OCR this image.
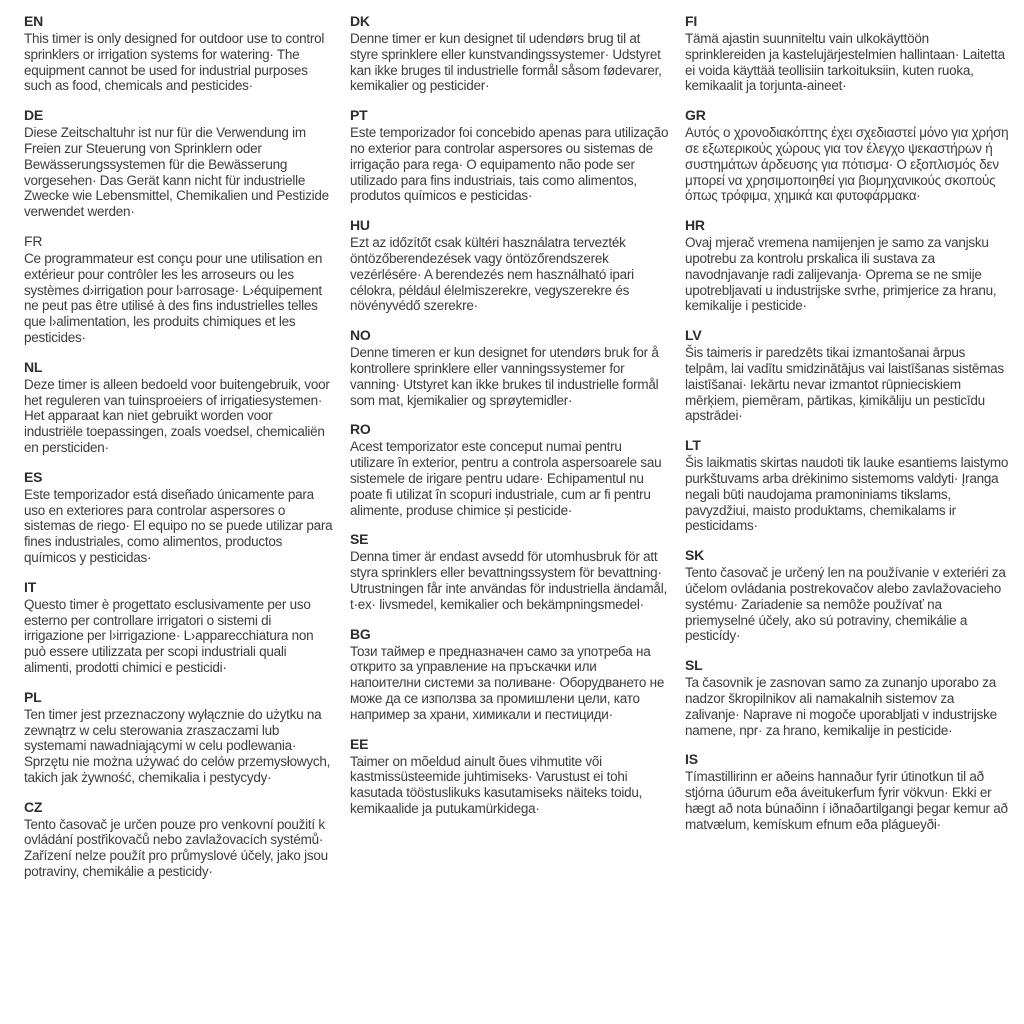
EN

This timer is only designed for outdoor use to control sprinklers or irrigation systems for watering· The equipment cannot be used for industrial purposes such as food, chemicals and pesticides·

DE

Diese Zeitschaltuhr ist nur für die Verwendung im Freien zur Steuerung von Sprinklern oder Bewässerungssystemen für die Bewässerung vorgesehen· Das Gerät kann nicht für industrielle Zwecke wie Lebensmittel, Chemikalien und Pestizide verwendet werden·

FR

Ce programmateur est conçu pour une utilisation en extérieur pour contrôler les les arroseurs ou les systèmes d›irrigation pour l›arrosage· L›équipement ne peut pas être utilisé à des fins industrielles telles que l›alimentation, les produits chimiques et les pesticides·

NL

Deze timer is alleen bedoeld voor buitengebruik, voor het reguleren van tuinsproeiers of irrigatiesystemen· Het apparaat kan niet gebruikt worden voor industriële toepassingen, zoals voedsel, chemicaliën en persticiden·

ES

Este temporizador está diseñado únicamente para uso en exteriores para controlar aspersores o sistemas de riego· El equipo no se puede utilizar para fines industriales, como alimentos, productos químicos y pesticidas·

IT

Questo timer è progettato esclusivamente per uso esterno per controllare irrigatori o sistemi di irrigazione per l›irrigazione· L›apparecchiatura non può essere utilizzata per scopi industriali quali alimenti, prodotti chimici e pesticidi·

PL

Ten timer jest przeznaczony wyłącznie do użytku na zewnątrz w celu sterowania zraszaczami lub systemami nawadniającymi w celu podlewania· Sprzętu nie można używać do celów przemysłowych, takich jak żywność, chemikalia i pestycydy·

CZ

Tento časovač je určen pouze pro venkovní použití k ovládání postřikovačů nebo zavlažovacích systémů· Zařízení nelze použít pro průmyslové účely, jako jsou potraviny, chemikálie a pesticidy·

DK

Denne timer er kun designet til udendørs brug til at styre sprinklere eller kunstvandingssystemer· Udstyret kan ikke bruges til industrielle formål såsom fødevarer, kemikalier og pesticider·

PT

Este temporizador foi concebido apenas para utilização no exterior para controlar aspersores ou sistemas de irrigação para rega· O equipamento não pode ser utilizado para fins industriais, tais como alimentos, produtos químicos e pesticidas·

HU

Ezt az időzítőt csak kültéri használatra tervezték öntözőberendezések vagy öntözőrendszerek vezérlésére· A berendezés nem használható ipari célokra, például élelmiszerekre, vegyszerekre és növényvédő szerekre·

NO

Denne timeren er kun designet for utendørs bruk for å kontrollere sprinklere eller vanningssystemer for vanning· Utstyret kan ikke brukes til industrielle formål som mat, kjemikalier og sprøytemidler·

RO

Acest temporizator este conceput numai pentru utilizare în exterior, pentru a controla aspersoarele sau sistemele de irigare pentru udare· Echipamentul nu poate fi utilizat în scopuri industriale, cum ar fi pentru alimente, produse chimice și pesticide·

SE

Denna timer är endast avsedd för utomhusbruk för att styra sprinklers eller bevattningssystem för bevattning· Utrustningen får inte användas för industriella ändamål, t·ex· livsmedel, kemikalier och bekämpningsmedel·

BG

Този таймер е предназначен само за употреба на открито за управление на пръскачки или напоителни системи за поливане· Оборудването не може да се използва за промишлени цели, като например за храни, химикали и пестициди·

EE

Taimer on mõeldud ainult õues vihmutite või kastmissüsteemide juhtimiseks· Varustust ei tohi kasutada tööstuslikuks kasutamiseks näiteks toidu, kemikaalide ja putukamürkidega·

FI

Tämä ajastin suunniteltu vain ulkokäyttöön sprinklereiden ja kastelujärjestelmien hallintaan· Laitetta ei voida käyttää teollisiin tarkoituksiin, kuten ruoka, kemikaalit ja torjunta-aineet·

GR

Αυτός ο χρονοδιακόπτης έχει σχεδιαστεί μόνο για χρήση σε εξωτερικούς χώρους για τον έλεγχο ψεκαστήρων ή συστημάτων άρδευσης για πότισμα· Ο εξοπλισμός δεν μπορεί να χρησιμοποιηθεί για βιομηχανικούς σκοπούς όπως τρόφιμα, χημικά και φυτοφάρμακα·

HR

Ovaj mjerač vremena namijenjen je samo za vanjsku upotrebu za kontrolu prskalica ili sustava za navodnjavanje radi zalijevanja· Oprema se ne smije upotrebljavati u industrijske svrhe, primjerice za hranu, kemikalije i pesticide·

LV

Šis taimeris ir paredzēts tikai izmantošanai ārpus telpām, lai vadītu smidzinātājus vai laistīšanas sistēmas laistīšanai· Iekārtu nevar izmantot rūpnieciskiem mērķiem, piemēram, pārtikas, ķimikāliju un pesticīdu apstrādei·

LT

Šis laikmatis skirtas naudoti tik lauke esantiems laistymo purkštuvams arba drėkinimo sistemoms valdyti· Įranga negali būti naudojama pramoniniams tikslams, pavyzdžiui, maisto produktams, chemikalams ir pesticidams·

SK

Tento časovač je určený len na používanie v exteriéri za účelom ovládania postrekovačov alebo zavlažovacieho systému· Zariadenie sa nemôže používať na priemyselné účely, ako sú potraviny, chemikálie a pesticídy·

SL

Ta časovnik je zasnovan samo za zunanjo uporabo za nadzor škropilnikov ali namakalnih sistemov za zalivanje· Naprave ni mogoče uporabljati v industrijske namene, npr· za hrano, kemikalije in pesticide·

IS

Tímastillirinn er aðeins hannaður fyrir útinotkun til að stjórna úðurum eða áveitukerfum fyrir vökvun· Ekki er hægt að nota búnaðinn í iðnaðartilgangi þegar kemur að matvælum, kemískum efnum eða plágueyði·
